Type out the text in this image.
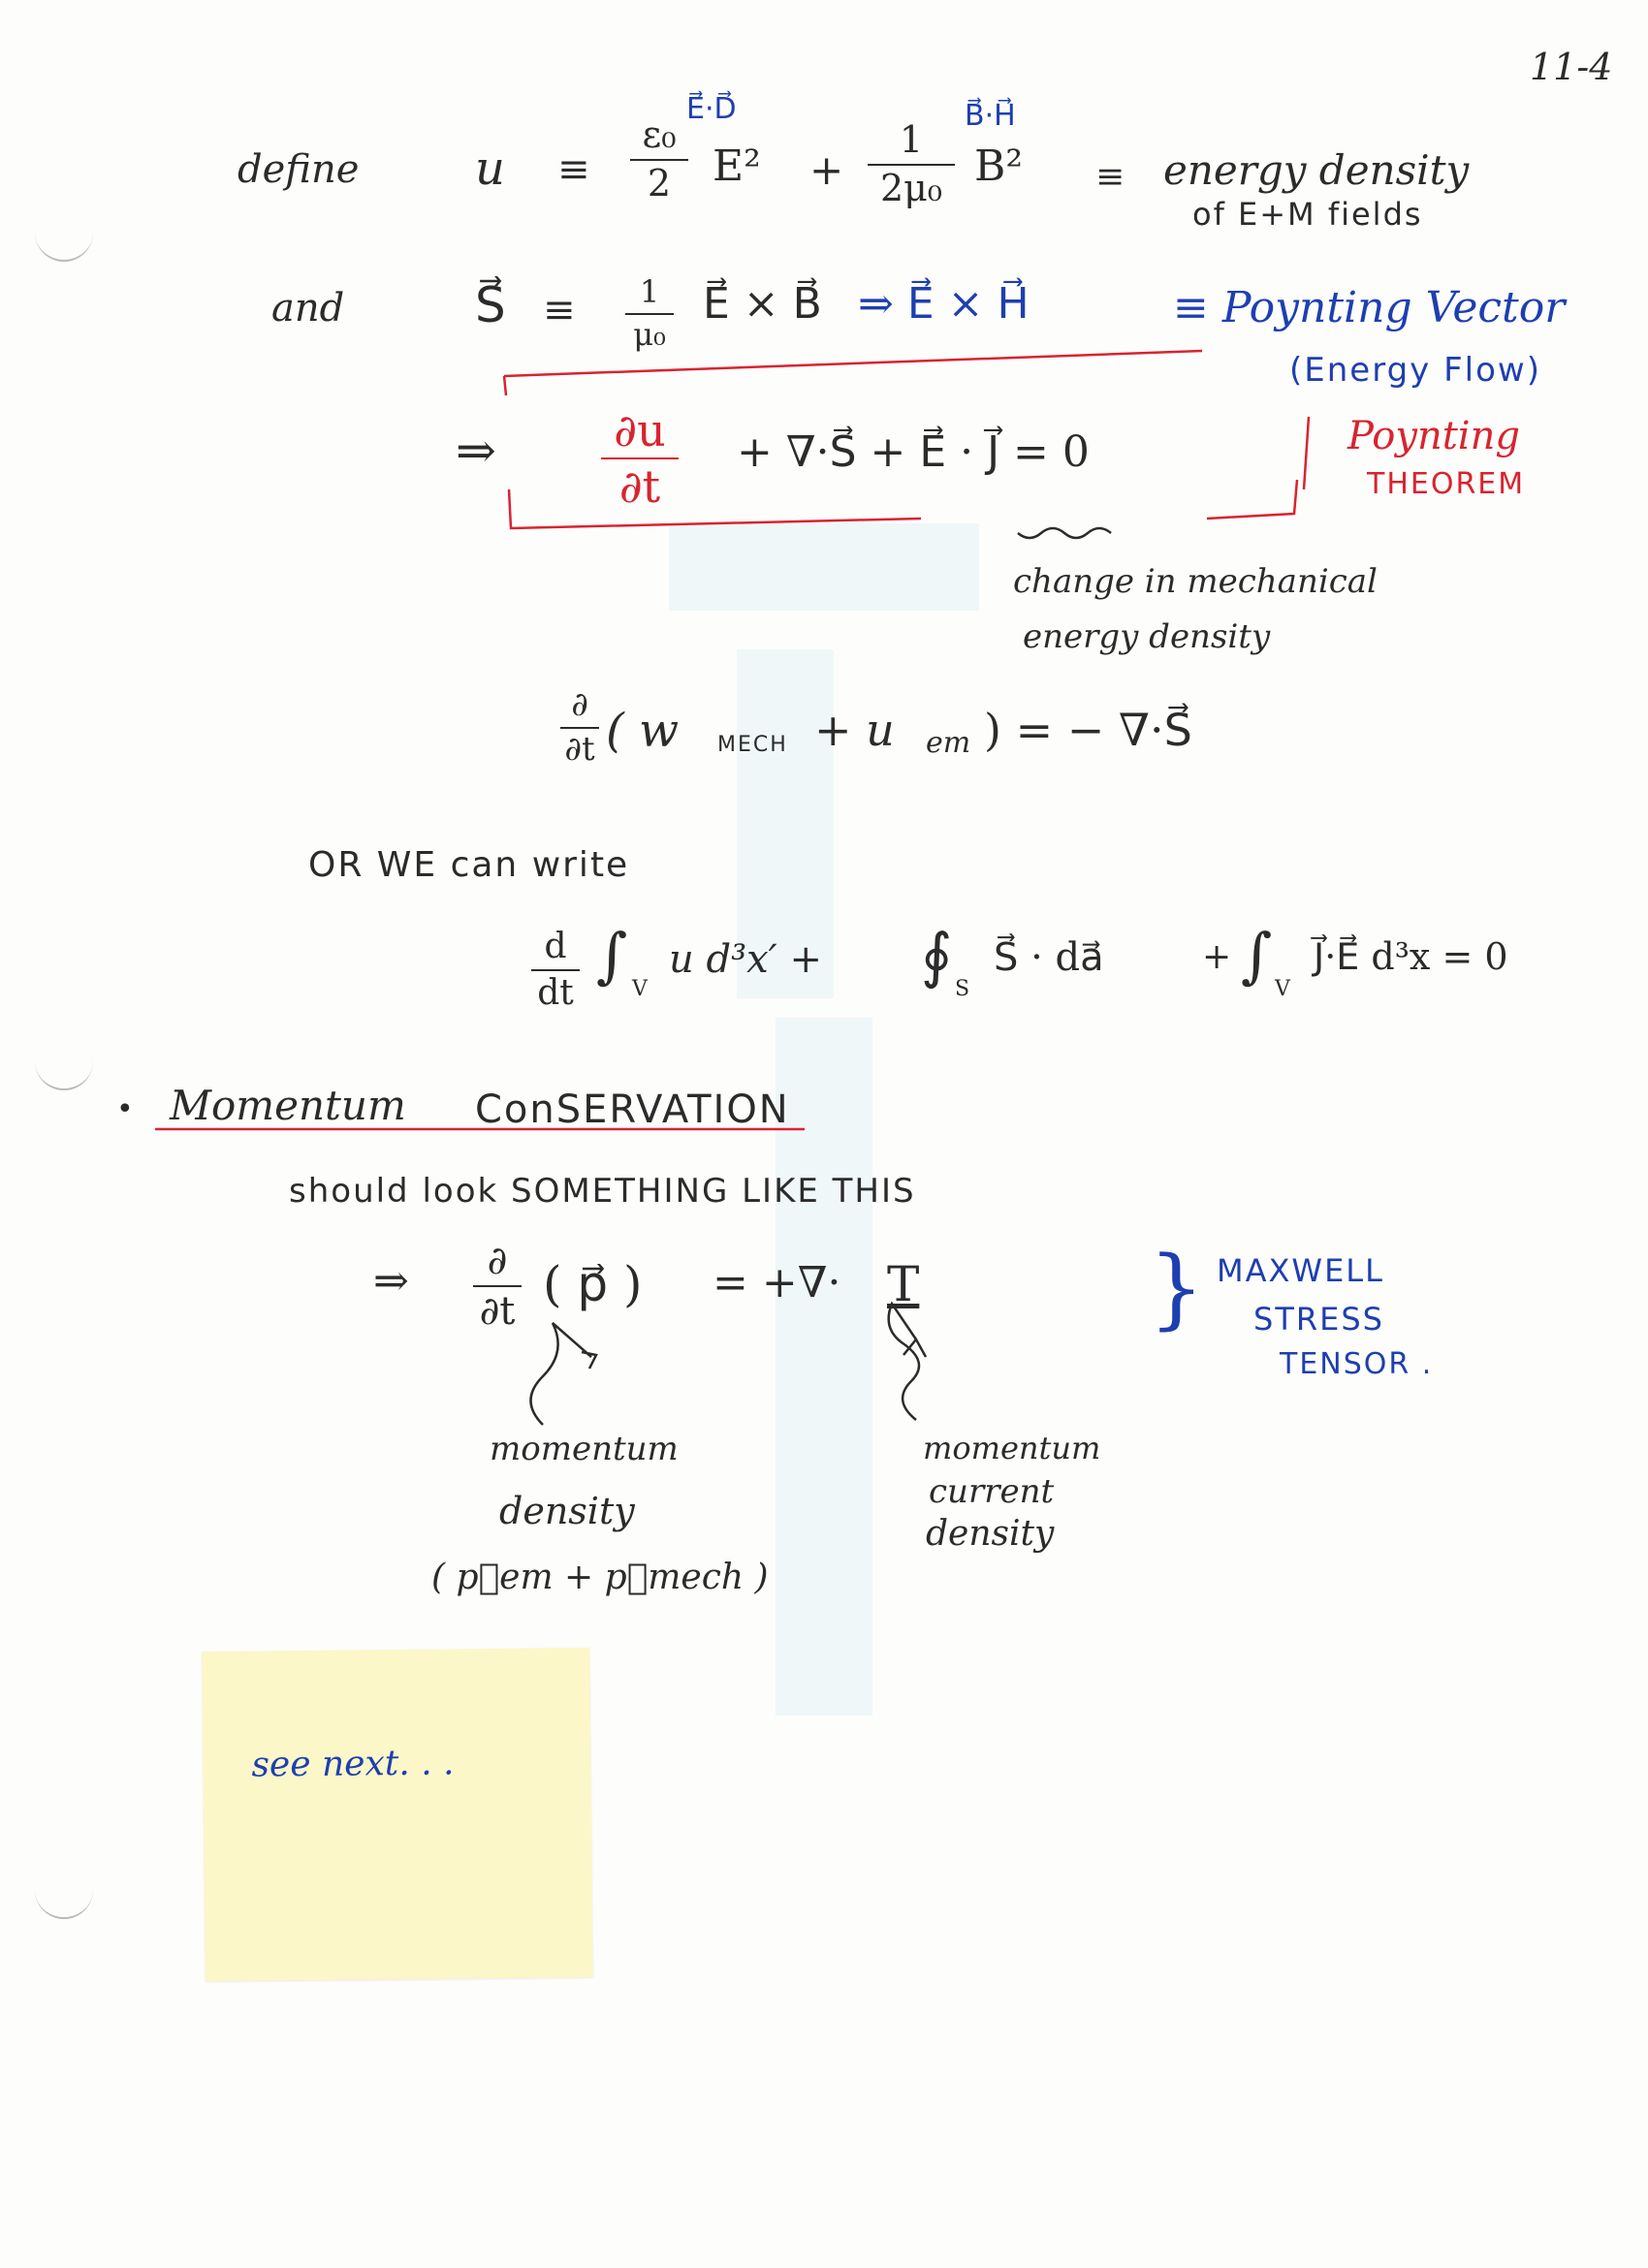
11-4
define u ≡
ε₀
2
E⃗·D⃗
E² +
1
2μ₀
B⃗·H⃗
B² ≡ energy density
of E+M fields
and	S⃗ ≡	1
μ₀
E⃗ × B⃗ ⇒ E⃗ × H⃗	≡ Poynting Vector
(Energy Flow)
⇒	∂u
∂t
+ ∇·S⃗ + E⃗ · J⃗ = 0	Poynting
THEOREM
change in mechanical
energy density
∂
∂t ( w MECH + u em ) = − ∇·S⃗
OR WE can write
d
dt
∫ V
u d³x′ + ∮ S
S⃗ · da⃗	+ ∫ V
J⃗·E⃗ d³x = 0
• Momentum ConSERVATION
should look SOMETHING LIKE THIS
⇒	∂
∂t ( p⃗ ) = +∇· T	} MAXWELL
STRESS
TENSOR .
momentum
density
( p⃗em + p⃗mech )
momentum
current
density
see next. . .
